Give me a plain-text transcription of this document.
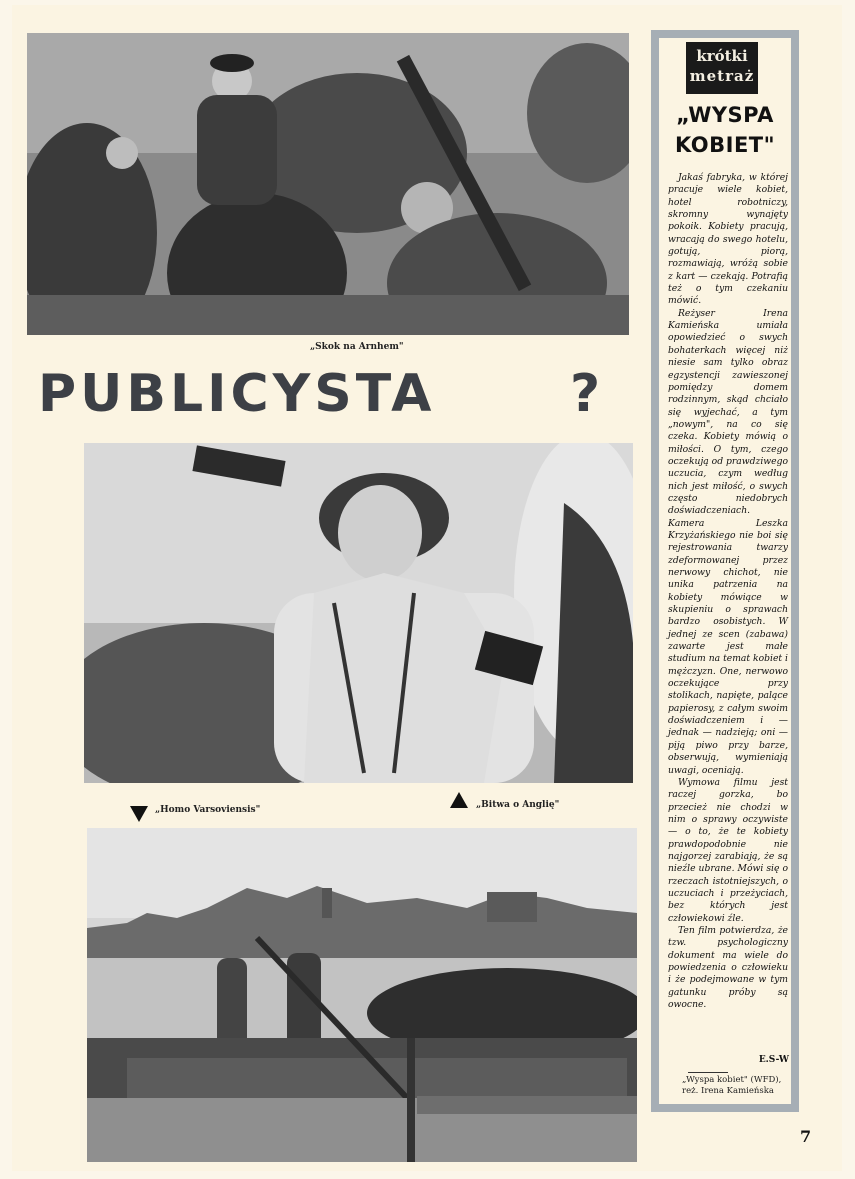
„Skok na Arnhem"
PUBLICYSTA	?
„Homo Varsoviensis"	„Bitwa o Anglię"
krótki
metraż
„WYSPA
KOBIET"

Jakaś fabryka, w której pracuje wiele kobiet, hotel robotniczy, skromny wynajęty pokoik. Kobiety pracują, wracają do swego hotelu, gotują, piorą, rozmawiają, wróżą sobie z kart — czekają. Potrafią też o tym czekaniu mówić.

Reżyser Irena Kamieńska umiała opowiedzieć o swych bohaterkach więcej niż niesie sam tylko obraz egzystencji zawieszonej pomiędzy domem rodzinnym, skąd chciało się wyjechać, a tym „nowym", na co się czeka. Kobiety mówią o miłości. O tym, czego oczekują od prawdziwego uczucia, czym według nich jest miłość, o swych często niedobrych doświadczeniach. Kamera Leszka Krzyżańskiego nie boi się rejestrowania twarzy zdeformowanej przez nerwowy chichot, nie unika patrzenia na kobiety mówiące w skupieniu o sprawach bardzo osobistych. W jednej ze scen (zabawa) zawarte jest małe studium na temat kobiet i mężczyzn. One, nerwowo oczekujące przy stolikach, napięte, palące papierosy, z całym swoim doświadczeniem i — jednak — nadzieją; oni — piją piwo przy barze, obserwują, wymieniają uwagi, oceniają.

Wymowa filmu jest raczej gorzka, bo przecież nie chodzi w nim o sprawy oczywiste — o to, że te kobiety prawdopodobnie nie najgorzej zarabiają, że są nieźle ubrane. Mówi się o rzeczach istotniejszych, o uczuciach i przeżyciach, bez których jest człowiekowi źle.

Ten film potwierdza, że tzw. psychologiczny dokument ma wiele do powiedzenia o człowieku i że podejmowane w tym gatunku próby są owocne.

E.S-W
„Wyspa kobiet" (WFD),
reż. Irena Kamieńska
7
